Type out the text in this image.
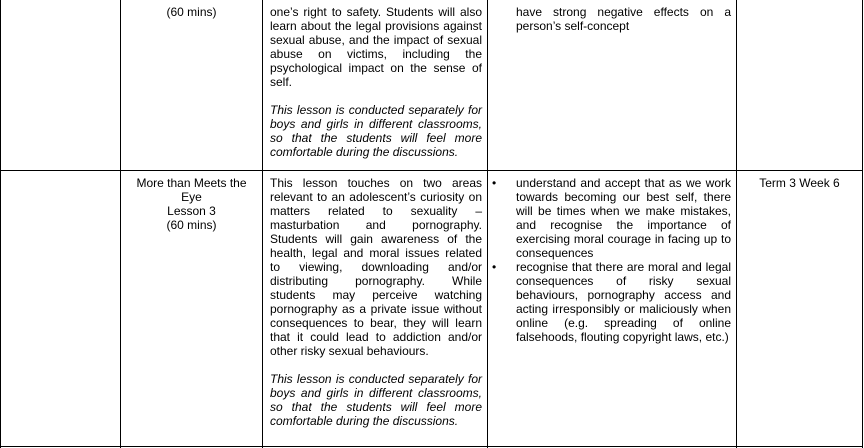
(60 mins)	one’s right to safety. Students will also learn about the legal provisions against sexual abuse, and the impact of sexual abuse on victims, including the psychological impact on the sense of self.

This lesson is conducted separately for boys and girls in different classrooms, so that the students will feel more comfortable during the discussions.

have strong negative effects on a person’s self-concept
More than Meets the
Eye
Lesson 3
(60 mins)

This lesson touches on two areas relevant to an adolescent’s curiosity on matters related to sexuality – masturbation and pornography. Students will gain awareness of the health, legal and moral issues related to viewing, downloading and/or distributing pornography. While students may perceive watching pornography as a private issue without consequences to bear, they will learn that it could lead to addiction and/or other risky sexual behaviours.

This lesson is conducted separately for boys and girls in different classrooms, so that the students will feel more comfortable during the discussions.

• understand and accept that as we work towards becoming our best self, there will be times when we make mistakes, and recognise the importance of exercising moral courage in facing up to consequences
• recognise that there are moral and legal consequences of risky sexual behaviours, pornography access and acting irresponsibly or maliciously when online (e.g. spreading of online falsehoods, flouting copyright laws, etc.)
Term 3 Week 6
